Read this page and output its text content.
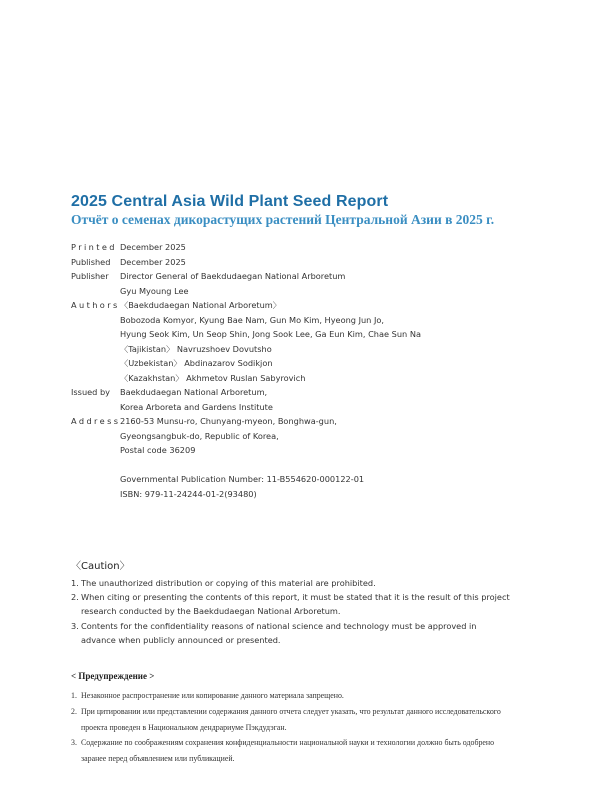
2025 Central Asia Wild Plant Seed Report
Отчёт о семенах дикорастущих растений Центральной Азии в 2025 г.
Printed December 2025
Published	December 2025
Publisher	Director General of Baekdudaegan National Arboretum
Gyu Myoung Lee
Authors 〈Baekdudaegan National Arboretum〉
Bobozoda Komyor, Kyung Bae Nam, Gun Mo Kim, Hyeong Jun Jo,
Hyung Seok Kim, Un Seop Shin, Jong Sook Lee, Ga Eun Kim, Chae Sun Na
〈Tajikistan〉 Navruzshoev Dovutsho
〈Uzbekistan〉 Abdinazarov Sodikjon
〈Kazakhstan〉 Akhmetov Ruslan Sabyrovich
Issued by	Baekdudaegan National Arboretum,
Korea Arboreta and Gardens Institute
Address 2160-53 Munsu-ro, Chunyang-myeon, Bonghwa-gun,
Gyeongsangbuk-do, Republic of Korea,
Postal code 36209
Governmental Publication Number: 11-B554620-000122-01
ISBN: 979-11-24244-01-2(93480)
〈Caution〉
1. The unauthorized distribution or copying of this material are prohibited.
2. When citing or presenting the contents of this report, it must be stated that it is the result of this project research conducted by the Baekdudaegan National Arboretum.
3. Contents for the confidentiality reasons of national science and technology must be approved in advance when publicly announced or presented.
< Предупреждение >
1. Незаконное распространение или копирование данного материала запрещено.
2. При цитировании или представлении содержания данного отчета следует указать, что результат данного исследовательского проекта проведен в Национальном дендрариуме Пэкдудэган.
3. Содержание по соображениям сохранения конфиденциальности национальной науки и технологии должно быть одобрено заранее перед объявлением или публикацией.
